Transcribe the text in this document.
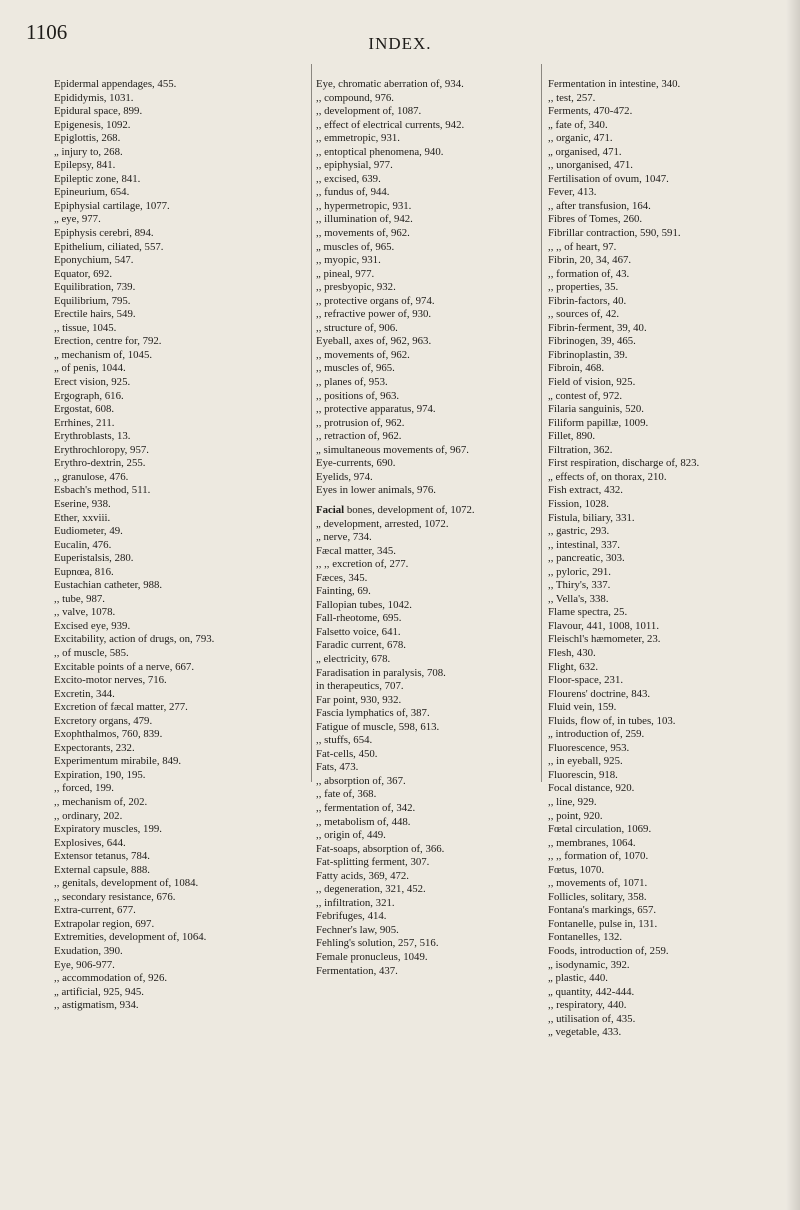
1106	INDEX.

Epidermal appendages, 455.

Epididymis, 1031.

Epidural space, 899.

Epigenesis, 1092.

Epiglottis, 268.

„ injury to, 268.

Epilepsy, 841.

Epileptic zone, 841.

Epineurium, 654.

Epiphysial cartilage, 1077.

„ eye, 977.

Epiphysis cerebri, 894.

Epithelium, ciliated, 557.

Eponychium, 547.

Equator, 692.

Equilibration, 739.

Equilibrium, 795.

Erectile hairs, 549.

,, tissue, 1045.

Erection, centre for, 792.

„ mechanism of, 1045.

„ of penis, 1044.

Erect vision, 925.

Ergograph, 616.

Ergostat, 608.

Errhines, 211.

Erythroblasts, 13.

Erythrochloropy, 957.

Erythro-dextrin, 255.

,, granulose, 476.

Esbach's method, 511.

Eserine, 938.

Ether, xxviii.

Eudiometer, 49.

Eucalin, 476.

Euperistalsis, 280.

Eupnœa, 816.

Eustachian catheter, 988.

,, tube, 987.

,, valve, 1078.

Excised eye, 939.

Excitability, action of drugs, on, 793.

,, of muscle, 585.

Excitable points of a nerve, 667.

Excito-motor nerves, 716.

Excretin, 344.

Excretion of fæcal matter, 277.

Excretory organs, 479.

Exophthalmos, 760, 839.

Expectorants, 232.

Experimentum mirabile, 849.

Expiration, 190, 195.

,, forced, 199.

,, mechanism of, 202.

,, ordinary, 202.

Expiratory muscles, 199.

Explosives, 644.

Extensor tetanus, 784.

External capsule, 888.

,, genitals, development of, 1084.

,, secondary resistance, 676.

Extra-current, 677.

Extrapolar region, 697.

Extremities, development of, 1064.

Exudation, 390.

Eye, 906-977.

,, accommodation of, 926.

„ artificial, 925, 945.

,, astigmatism, 934.

Eye, chromatic aberration of, 934.

,, compound, 976.

,, development of, 1087.

,, effect of electrical currents, 942.

,, emmetropic, 931.

,, entoptical phenomena, 940.

,, epiphysial, 977.

,, excised, 639.

,, fundus of, 944.

,, hypermetropic, 931.

,, illumination of, 942.

,, movements of, 962.

„ muscles of, 965.

,, myopic, 931.

„ pineal, 977.

,, presbyopic, 932.

,, protective organs of, 974.

,, refractive power of, 930.

,, structure of, 906.

Eyeball, axes of, 962, 963.

,, movements of, 962.

,, muscles of, 965.

,, planes of, 953.

,, positions of, 963.

,, protective apparatus, 974.

,, protrusion of, 962.

,, retraction of, 962.

„ simultaneous movements of, 967.

Eye-currents, 690.

Eyelids, 974.

Eyes in lower animals, 976.

Facial bones, development of, 1072.

„ development, arrested, 1072.

„ nerve, 734.

Fæcal matter, 345.

,, ,, excretion of, 277.

Fæces, 345.

Fainting, 69.

Fallopian tubes, 1042.

Fall-rheotome, 695.

Falsetto voice, 641.

Faradic current, 678.

„ electricity, 678.

Faradisation in paralysis, 708.

in therapeutics, 707.

Far point, 930, 932.

Fascia lymphatics of, 387.

Fatigue of muscle, 598, 613.

,, stuffs, 654.

Fat-cells, 450.

Fats, 473.

,, absorption of, 367.

,, fate of, 368.

,, fermentation of, 342.

,, metabolism of, 448.

,, origin of, 449.

Fat-soaps, absorption of, 366.

Fat-splitting ferment, 307.

Fatty acids, 369, 472.

,, degeneration, 321, 452.

,, infiltration, 321.

Febrifuges, 414.

Fechner's law, 905.

Fehling's solution, 257, 516.

Female pronucleus, 1049.

Fermentation, 437.

Fermentation in intestine, 340.

,, test, 257.

Ferments, 470-472.

„ fate of, 340.

,, organic, 471.

„ organised, 471.

,, unorganised, 471.

Fertilisation of ovum, 1047.

Fever, 413.

,, after transfusion, 164.

Fibres of Tomes, 260.

Fibrillar contraction, 590, 591.

,, ,, of heart, 97.

Fibrin, 20, 34, 467.

,, formation of, 43.

,, properties, 35.

Fibrin-factors, 40.

,, sources of, 42.

Fibrin-ferment, 39, 40.

Fibrinogen, 39, 465.

Fibrinoplastin, 39.

Fibroin, 468.

Field of vision, 925.

„ contest of, 972.

Filaria sanguinis, 520.

Filiform papillæ, 1009.

Fillet, 890.

Filtration, 362.

First respiration, discharge of, 823.

„ effects of, on thorax, 210.

Fish extract, 432.

Fission, 1028.

Fistula, biliary, 331.

,, gastric, 293.

,, intestinal, 337.

,, pancreatic, 303.

,, pyloric, 291.

,, Thiry's, 337.

,, Vella's, 338.

Flame spectra, 25.

Flavour, 441, 1008, 1011.

Fleischl's hæmometer, 23.

Flesh, 430.

Flight, 632.

Floor-space, 231.

Flourens' doctrine, 843.

Fluid vein, 159.

Fluids, flow of, in tubes, 103.

„ introduction of, 259.

Fluorescence, 953.

,, in eyeball, 925.

Fluorescin, 918.

Focal distance, 920.

,, line, 929.

,, point, 920.

Fœtal circulation, 1069.

,, membranes, 1064.

,, ,, formation of, 1070.

Fœtus, 1070.

,, movements of, 1071.

Follicles, solitary, 358.

Fontana's markings, 657.

Fontanelle, pulse in, 131.

Fontanelles, 132.

Foods, introduction of, 259.

„ isodynamic, 392.

„ plastic, 440.

„ quantity, 442-444.

,, respiratory, 440.

,, utilisation of, 435.

„ vegetable, 433.
